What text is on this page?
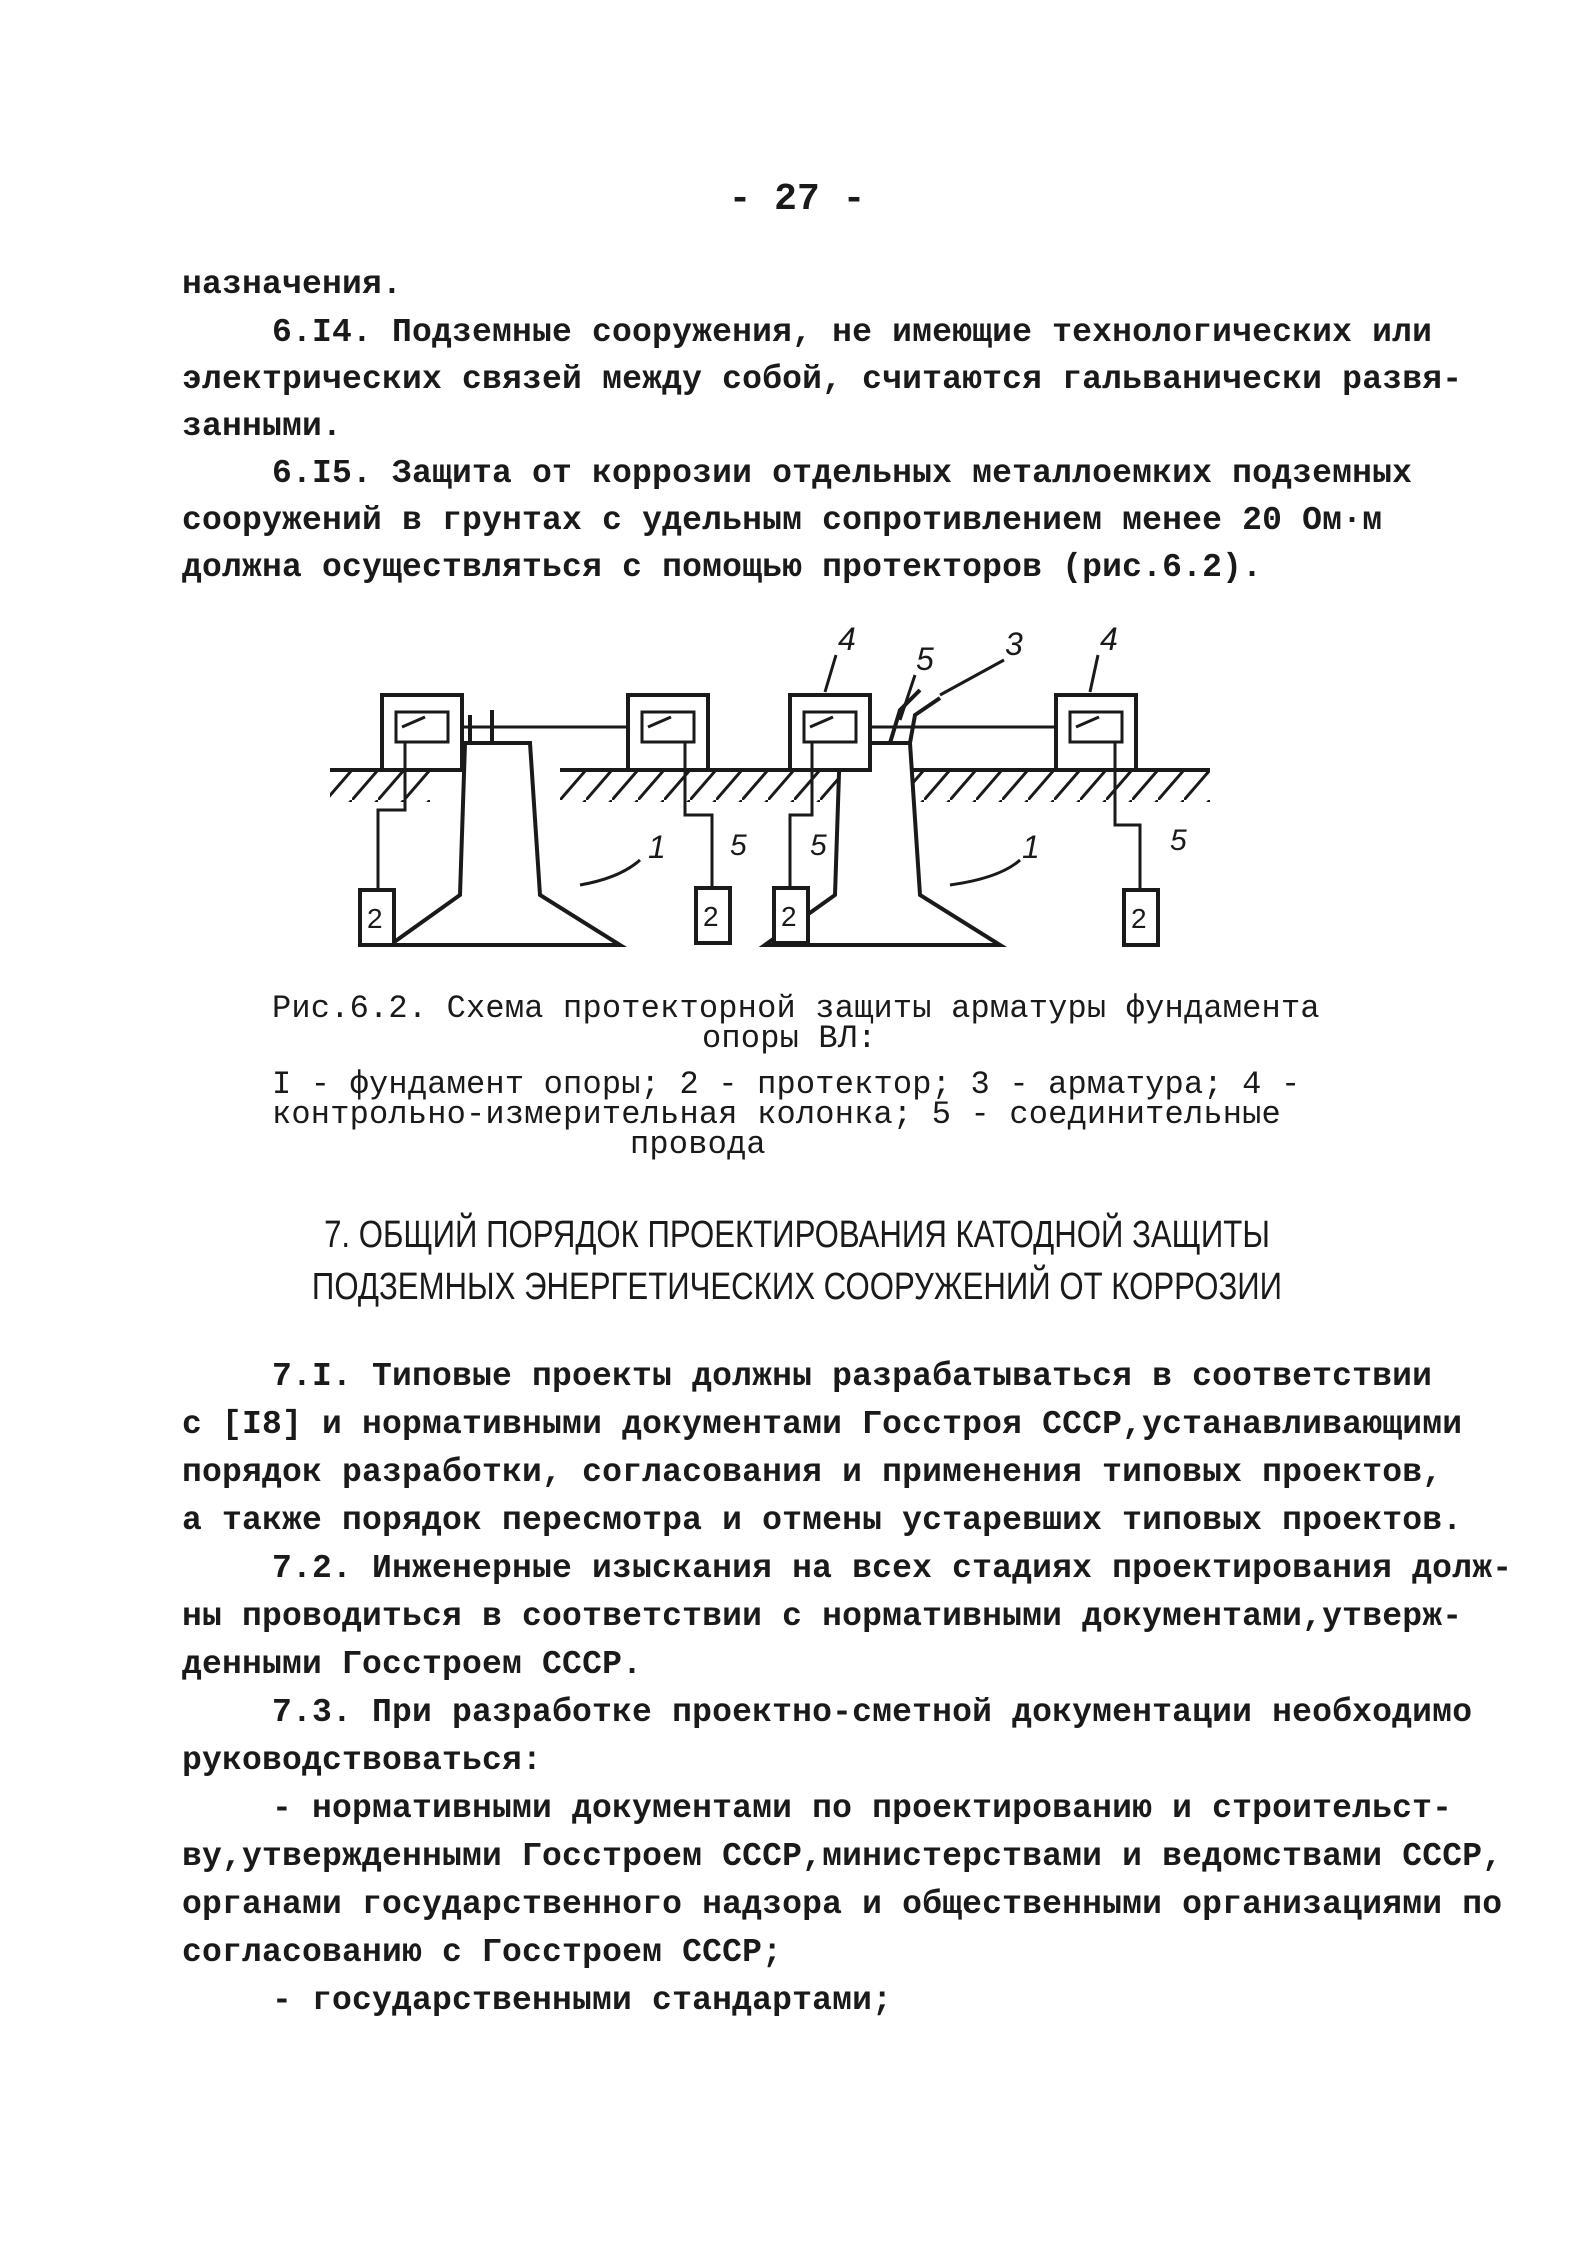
- 27 -
назначения.
6.I4. Подземные сооружения, не имеющие технологических или
электрических связей между собой, считаются гальванически развя-
занными.
6.I5. Защита от коррозии отдельных металлоемких подземных
сооружений в грунтах с удельным сопротивлением менее 20 Ом·м
должна осуществляться с помощью протекторов (рис.6.2).
1
3
1
4	4
5
5 5	5
2	2 2	2
Рис.6.2. Схема протекторной защиты арматуры фундамента
опоры ВЛ:
I - фундамент опоры; 2 - протектор; 3 - арматура; 4 -
контрольно-измерительная колонка; 5 - соединительные
провода
7. ОБЩИЙ ПОРЯДОК ПРОЕКТИРОВАНИЯ КАТОДНОЙ ЗАЩИТЫ
ПОДЗЕМНЫХ ЭНЕРГЕТИЧЕСКИХ СООРУЖЕНИЙ ОТ КОРРОЗИИ
7.I. Типовые проекты должны разрабатываться в соответствии
с [I8] и нормативными документами Госстроя СССР,устанавливающими
порядок разработки, согласования и применения типовых проектов,
а также порядок пересмотра и отмены устаревших типовых проектов.
7.2. Инженерные изыскания на всех стадиях проектирования долж-
ны проводиться в соответствии с нормативными документами,утверж-
денными Госстроем СССР.
7.3. При разработке проектно-сметной документации необходимо
руководствоваться:
- нормативными документами по проектированию и строительст-
ву,утвержденными Госстроем СССР,министерствами и ведомствами СССР,
органами государственного надзора и общественными организациями по
согласованию с Госстроем СССР;
- государственными стандартами;
